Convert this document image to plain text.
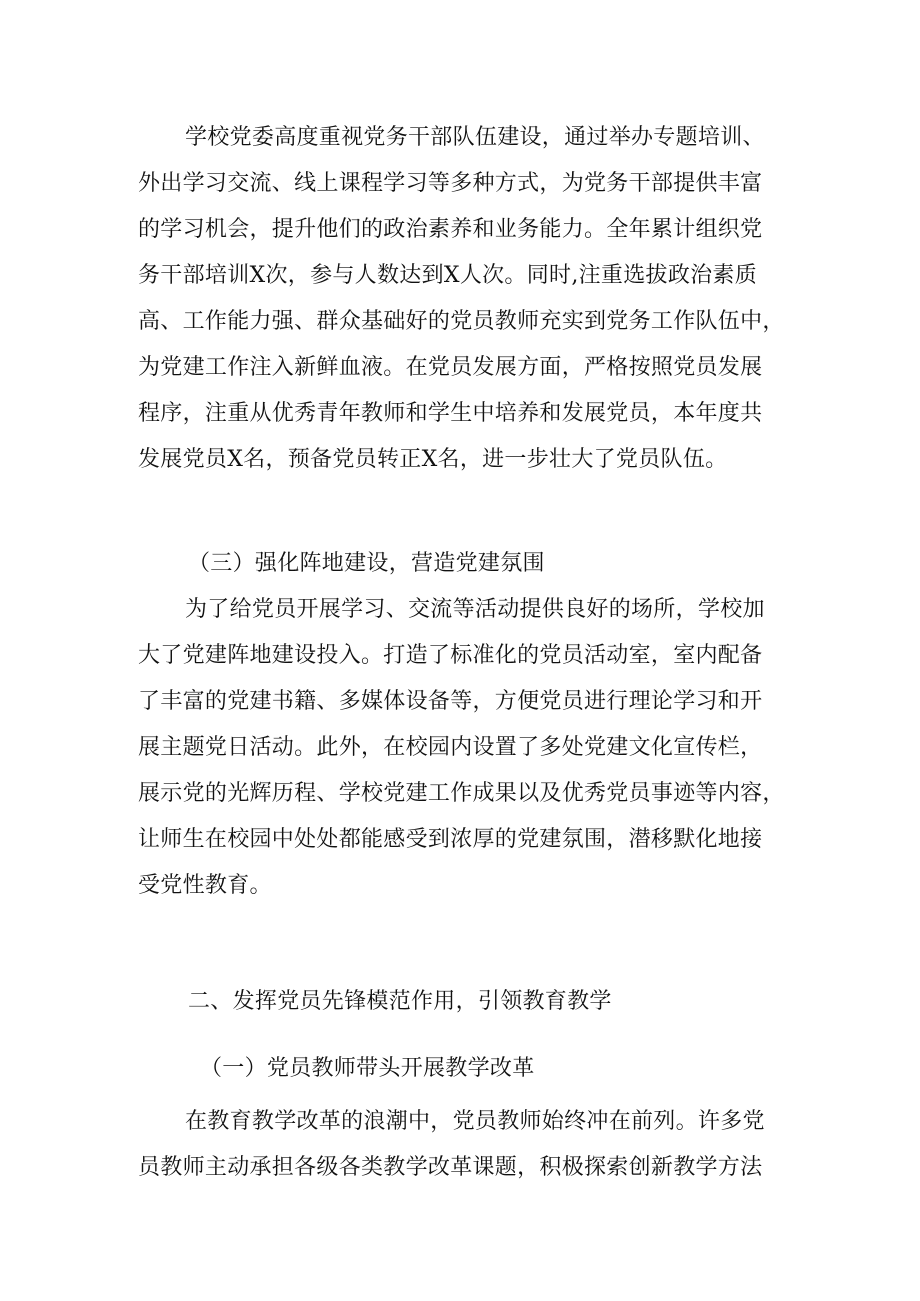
学校党委高度重视党务干部队伍建设，通过举办专题培训、

外出学习交流、线上课程学习等多种方式，为党务干部提供丰富

的学习机会，提升他们的政治素养和业务能力。全年累计组织党

务干部培训X次，参与人数达到X人次。同时,注重选拔政治素质

高、工作能力强、群众基础好的党员教师充实到党务工作队伍中，

为党建工作注入新鲜血液。在党员发展方面，严格按照党员发展

程序，注重从优秀青年教师和学生中培养和发展党员，本年度共

发展党员X名，预备党员转正X名，进一步壮大了党员队伍。

（三）强化阵地建设，营造党建氛围

为了给党员开展学习、交流等活动提供良好的场所，学校加

大了党建阵地建设投入。打造了标准化的党员活动室，室内配备

了丰富的党建书籍、多媒体设备等，方便党员进行理论学习和开

展主题党日活动。此外，在校园内设置了多处党建文化宣传栏，

展示党的光辉历程、学校党建工作成果以及优秀党员事迹等内容，

让师生在校园中处处都能感受到浓厚的党建氛围，潜移默化地接

受党性教育。

二、发挥党员先锋模范作用，引领教育教学

（一）党员教师带头开展教学改革

在教育教学改革的浪潮中，党员教师始终冲在前列。许多党

员教师主动承担各级各类教学改革课题，积极探索创新教学方法
